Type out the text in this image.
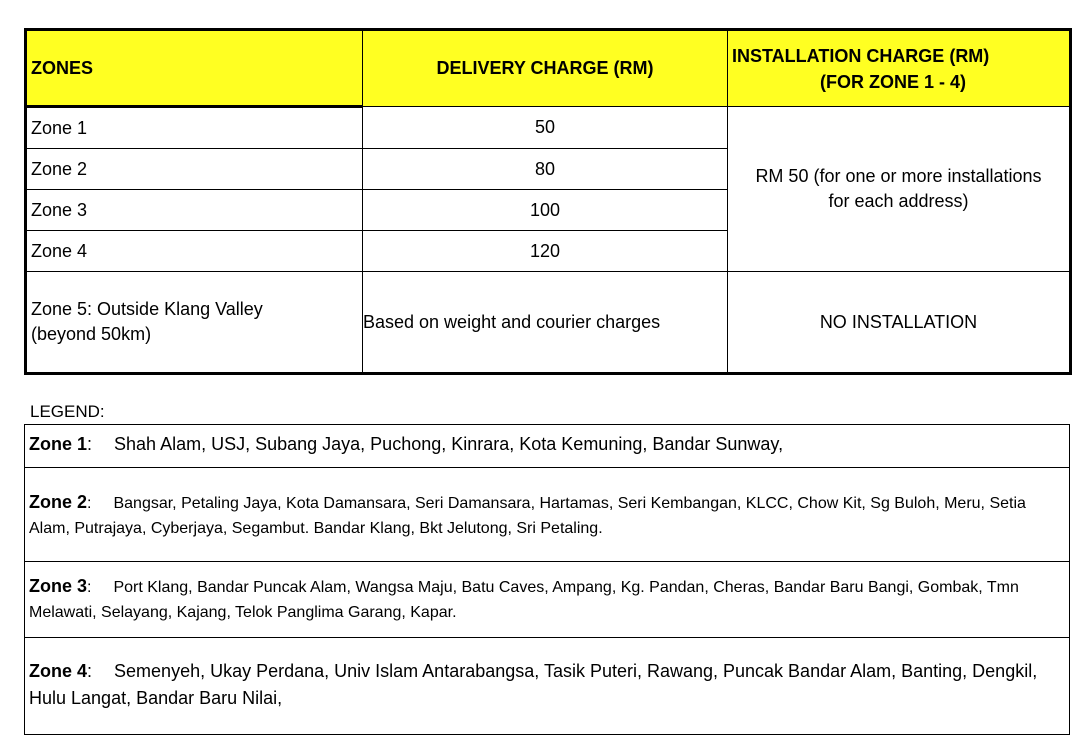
ZONES	DELIVERY CHARGE (RM)	INSTALLATION CHARGE (RM)
(FOR ZONE 1 - 4)

Zone 1	50	RM 50 (for one or more installations
for each address)

Zone 2	80	
Zone 3	100	
Zone 4	120	
Zone 5: Outside Klang Valley
(beyond 50km)	Based on weight and courier charges	NO INSTALLATION
LEGEND:
Zone 1: Shah Alam, USJ, Subang Jaya, Puchong, Kinrara, Kota Kemuning, Bandar Sunway,
Zone 2: Bangsar, Petaling Jaya, Kota Damansara, Seri Damansara, Hartamas, Seri Kembangan, KLCC, Chow Kit, Sg Buloh, Meru, Setia Alam, Putrajaya, Cyberjaya, Segambut. Bandar Klang, Bkt Jelutong, Sri Petaling.
Zone 3: Port Klang, Bandar Puncak Alam, Wangsa Maju, Batu Caves, Ampang, Kg. Pandan, Cheras, Bandar Baru Bangi, Gombak, Tmn Melawati, Selayang, Kajang, Telok Panglima Garang, Kapar.
Zone 4: Semenyeh, Ukay Perdana, Univ Islam Antarabangsa, Tasik Puteri, Rawang, Puncak Bandar Alam, Banting, Dengkil, Hulu Langat, Bandar Baru Nilai,
